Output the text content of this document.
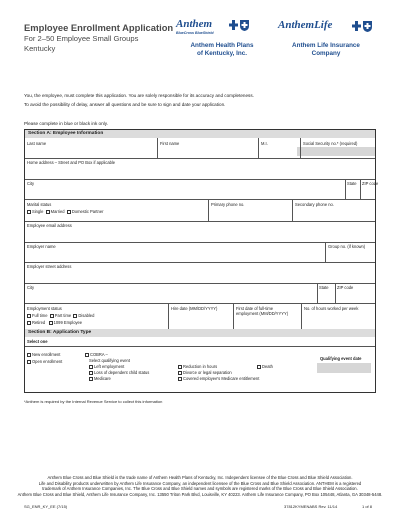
Employee Enrollment Application
For 2–50 Employee Small Groups
Kentucky
Anthem
BlueCross BlueShield
Anthem Health Plans
of Kentucky, Inc.
AnthemLife
Anthem Life Insurance
Company
You, the employee, must complete this application. You are solely responsible for its accuracy and completeness.
To avoid the possibility of delay, answer all questions and be sure to sign and date your application.
Please complete in blue or black ink only.
Section A: Employee Information
Last name	First name	M.I.	Social Security no.* (required)
Home address – Street and PO Box if applicable
City	State ZIP code
Marital status
Single Married Domestic Partner
Primary phone no.	Secondary phone no.
Employee email address
Employer name	Group no. (if known)
Employer street address
City	State ZIP code
Employment status
Full time Part time Disabled
Retired 1099 Employee
Hire date (MM/DD/YYYY)	First date of full-time
employment (MM/DD/YYYY)
No. of hours worked per week
Section B: Application Type
Select one
New enrollment
Open enrollment
COBRA –
Select qualifying event
Left employment
Loss of dependent child status
Medicare
Reduction in hours
Divorce or legal separation
Covered employee's Medicare entitlement
Death
Qualifying event date
*Anthem is required by the Internal Revenue Service to collect this information
Anthem Blue Cross and Blue Shield is the trade name of Anthem Health Plans of Kentucky, Inc. Independent licensee of the Blue Cross and Blue Shield Association.
Life and Disability products underwritten by Anthem Life Insurance Company, an independent licensee of the Blue Cross and Blue Shield Association. ANTHEM is a registered
trademark of Anthem Insurance Companies, Inc. The Blue Cross and Blue Shield names and symbols are registered marks of the Blue Cross and Blue Shield Association.
Anthem Blue Cross and Blue Shield, Anthem Life Insurance Company, Inc. 13550 Triton Park Blvd, Louisville, KY 40223. Anthem Life Insurance Company, PO Box 105448, Atlanta, GA 30348-5448.
SG_ENR_KY_EE (7/15)	37812KYMENABS Rev. 11/14	1 of 8
